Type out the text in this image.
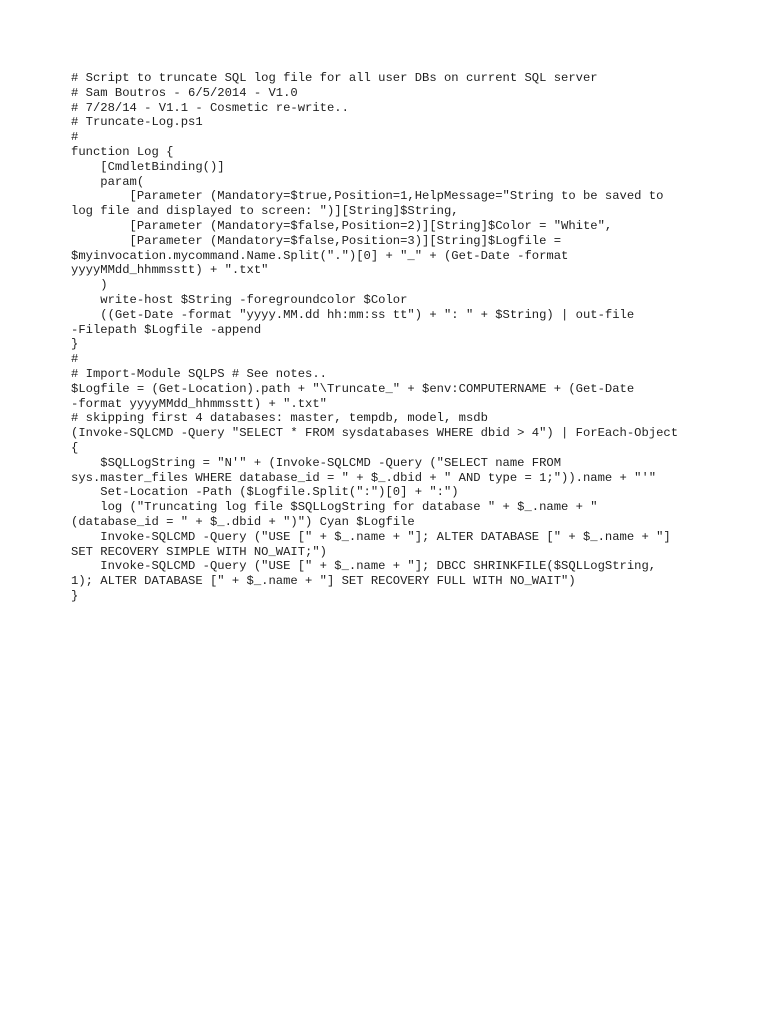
# Script to truncate SQL log file for all user DBs on current SQL server
# Sam Boutros - 6/5/2014 - V1.0
# 7/28/14 - V1.1 - Cosmetic re-write..
# Truncate-Log.ps1
#
function Log {
[CmdletBinding()]
param(
[Parameter (Mandatory=$true,Position=1,HelpMessage="String to be saved to
log file and displayed to screen: ")][String]$String,
[Parameter (Mandatory=$false,Position=2)][String]$Color = "White",
[Parameter (Mandatory=$false,Position=3)][String]$Logfile =
$myinvocation.mycommand.Name.Split(".")[0] + "_" + (Get-Date -format
yyyyMMdd_hhmmsstt) + ".txt"
)
write-host $String -foregroundcolor $Color
((Get-Date -format "yyyy.MM.dd hh:mm:ss tt") + ": " + $String) | out-file
-Filepath $Logfile -append
}
#
# Import-Module SQLPS # See notes..
$Logfile = (Get-Location).path + "\Truncate_" + $env:COMPUTERNAME + (Get-Date
-format yyyyMMdd_hhmmsstt) + ".txt"
# skipping first 4 databases: master, tempdb, model, msdb
(Invoke-SQLCMD -Query "SELECT * FROM sysdatabases WHERE dbid > 4") | ForEach-Object
{
$SQLLogString = "N'" + (Invoke-SQLCMD -Query ("SELECT name FROM
sys.master_files WHERE database_id = " + $_.dbid + " AND type = 1;")).name + "'"
Set-Location -Path ($Logfile.Split(":")[0] + ":")
log ("Truncating log file $SQLLogString for database " + $_.name + "
(database_id = " + $_.dbid + ")") Cyan $Logfile
Invoke-SQLCMD -Query ("USE [" + $_.name + "]; ALTER DATABASE [" + $_.name + "]
SET RECOVERY SIMPLE WITH NO_WAIT;")
Invoke-SQLCMD -Query ("USE [" + $_.name + "]; DBCC SHRINKFILE($SQLLogString,
1); ALTER DATABASE [" + $_.name + "] SET RECOVERY FULL WITH NO_WAIT")
}
